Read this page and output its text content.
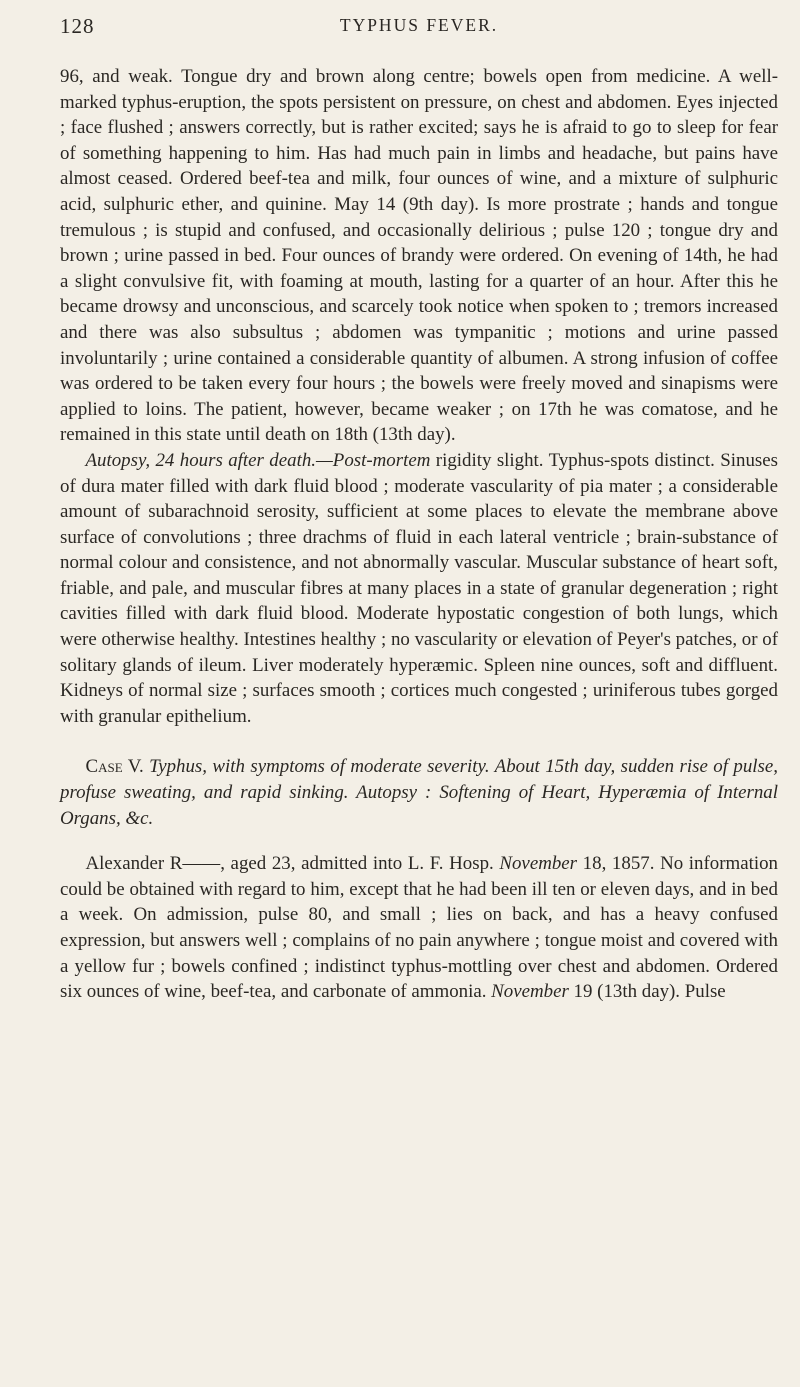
128	TYPHUS FEVER.

96, and weak. Tongue dry and brown along centre; bowels open from medicine. A well-marked typhus-eruption, the spots persistent on pressure, on chest and abdomen. Eyes injected ; face flushed ; answers correctly, but is rather excited; says he is afraid to go to sleep for fear of something happening to him. Has had much pain in limbs and headache, but pains have almost ceased. Ordered beef-tea and milk, four ounces of wine, and a mixture of sulphuric acid, sulphuric ether, and quinine. May 14 (9th day). Is more prostrate ; hands and tongue tremulous ; is stupid and confused, and occasionally delirious ; pulse 120 ; tongue dry and brown ; urine passed in bed. Four ounces of brandy were ordered. On evening of 14th, he had a slight convulsive fit, with foaming at mouth, lasting for a quarter of an hour. After this he became drowsy and unconscious, and scarcely took notice when spoken to ; tremors increased and there was also subsultus ; abdomen was tympanitic ; motions and urine passed involuntarily ; urine contained a considerable quantity of albumen. A strong infusion of coffee was ordered to be taken every four hours ; the bowels were freely moved and sinapisms were applied to loins. The patient, however, became weaker ; on 17th he was comatose, and he remained in this state until death on 18th (13th day).

Autopsy, 24 hours after death.—Post-mortem rigidity slight. Typhus-spots distinct. Sinuses of dura mater filled with dark fluid blood ; moderate vascularity of pia mater ; a considerable amount of subarachnoid serosity, sufficient at some places to elevate the membrane above surface of convolutions ; three drachms of fluid in each lateral ventricle ; brain-substance of normal colour and consistence, and not abnormally vascular. Muscular substance of heart soft, friable, and pale, and muscular fibres at many places in a state of granular degeneration ; right cavities filled with dark fluid blood. Moderate hypostatic congestion of both lungs, which were otherwise healthy. Intestines healthy ; no vascularity or elevation of Peyer's patches, or of solitary glands of ileum. Liver moderately hyperæmic. Spleen nine ounces, soft and diffluent. Kidneys of normal size ; surfaces smooth ; cortices much congested ; uriniferous tubes gorged with granular epithelium.

Case V. Typhus, with symptoms of moderate severity. About 15th day, sudden rise of pulse, profuse sweating, and rapid sinking. Autopsy : Softening of Heart, Hyperæmia of Internal Organs, &c.

Alexander R——, aged 23, admitted into L. F. Hosp. November 18, 1857. No information could be obtained with regard to him, except that he had been ill ten or eleven days, and in bed a week. On admission, pulse 80, and small ; lies on back, and has a heavy confused expression, but answers well ; complains of no pain anywhere ; tongue moist and covered with a yellow fur ; bowels confined ; indistinct typhus-mottling over chest and abdomen. Ordered six ounces of wine, beef-tea, and carbonate of ammonia. November 19 (13th day). Pulse
